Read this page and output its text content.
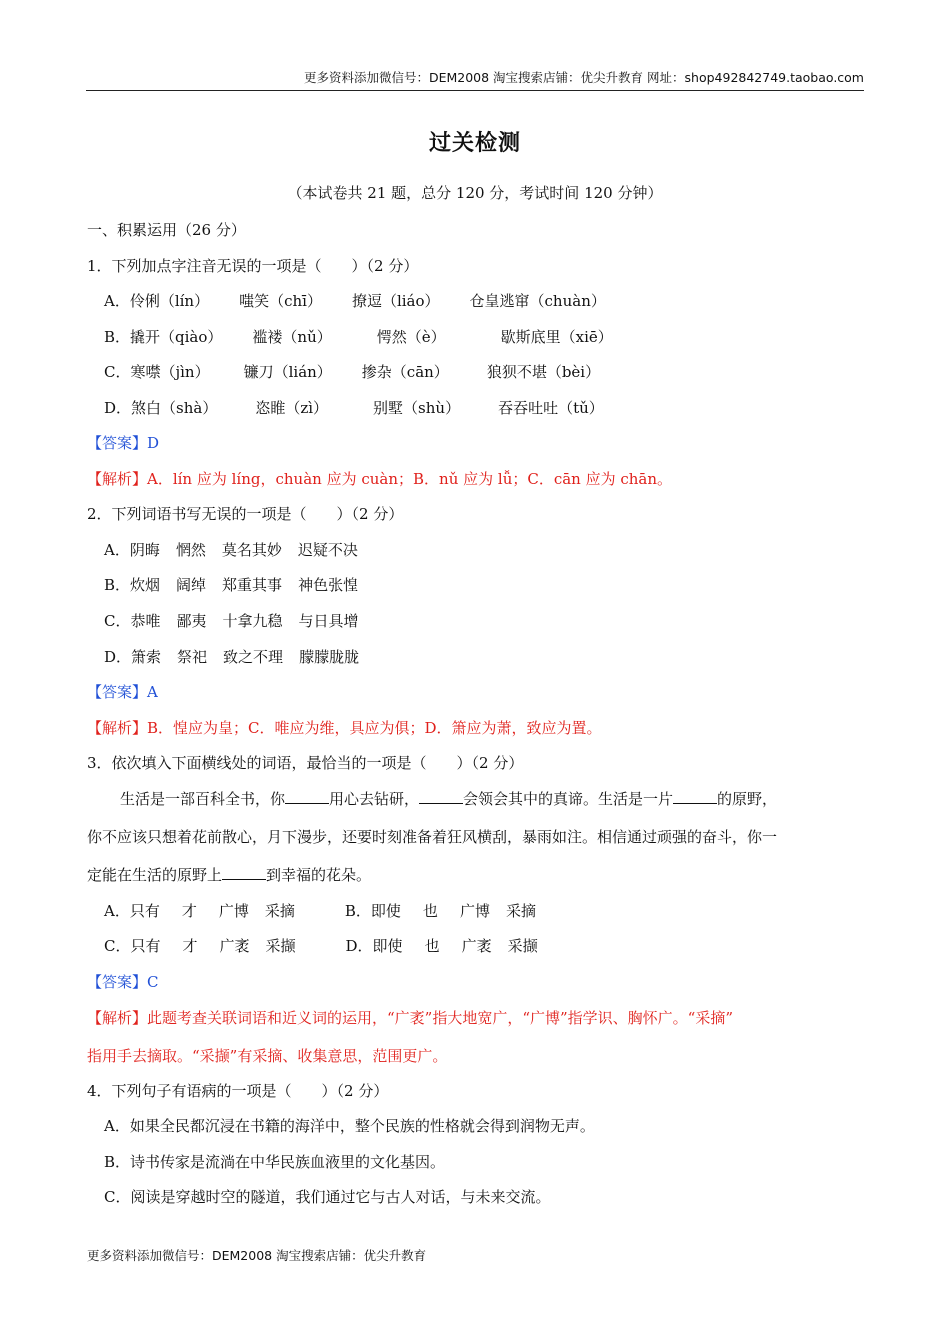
更多资料添加微信号：DEM2008 淘宝搜索店铺：优尖升教育 网址：shop492842749.taobao.com
过关检测
（本试卷共 21 题，总分 120 分，考试时间 120 分钟）
一、积累运用（26 分）
1．下列加点字注音无误的一项是（　　）（2 分）
A．伶俐（lín） 嗤笑（chī） 撩逗（liáo） 仓皇逃窜（chuàn）
B．撬开（qiào） 褴褛（nǔ）	愕然（è）	歇斯底里（xiē）
C．寒噤（jìn） 镰刀（lián） 掺杂（cān）	狼狈不堪（bèi）
D．煞白（shà）	恣睢（zì）	别墅（shù）	吞吞吐吐（tǔ）
【答案】D
【解析】A．lín 应为 líng，chuàn 应为 cuàn；B．nǔ 应为 lǚ；C．cān 应为 chān。
2．下列词语书写无误的一项是（　　）（2 分）
A．阴晦 惘然 莫名其妙 迟疑不决
B．炊烟 阔绰 郑重其事 神色张惶
C．恭唯 鄙夷 十拿九稳 与日具增
D．箫索 祭祀 致之不理 朦朦胧胧
【答案】A
【解析】B．惶应为皇；C．唯应为维，具应为俱；D．箫应为萧，致应为置。
3．依次填入下面横线处的词语，最恰当的一项是（　　）（2 分）
生活是一部百科全书，你	用心去钻研，	会领会其中的真谛。生活是一片	的原野，
你不应该只想着花前散心，月下漫步，还要时刻准备着狂风横刮，暴雨如注。相信通过顽强的奋斗，你一
定能在生活的原野上	到幸福的花朵。
A．只有 才 广博 采摘	B．即使 也 广博 采摘
C．只有 才 广袤 采撷	D．即使 也 广袤 采撷
【答案】C
【解析】此题考查关联词语和近义词的运用，“广袤”指大地宽广，“广博”指学识、胸怀广。“采摘”
指用手去摘取。“采撷”有采摘、收集意思，范围更广。
4．下列句子有语病的一项是（　　）（2 分）
A．如果全民都沉浸在书籍的海洋中，整个民族的性格就会得到润物无声。
B．诗书传家是流淌在中华民族血液里的文化基因。
C．阅读是穿越时空的隧道，我们通过它与古人对话，与未来交流。
更多资料添加微信号：DEM2008 淘宝搜索店铺：优尖升教育
